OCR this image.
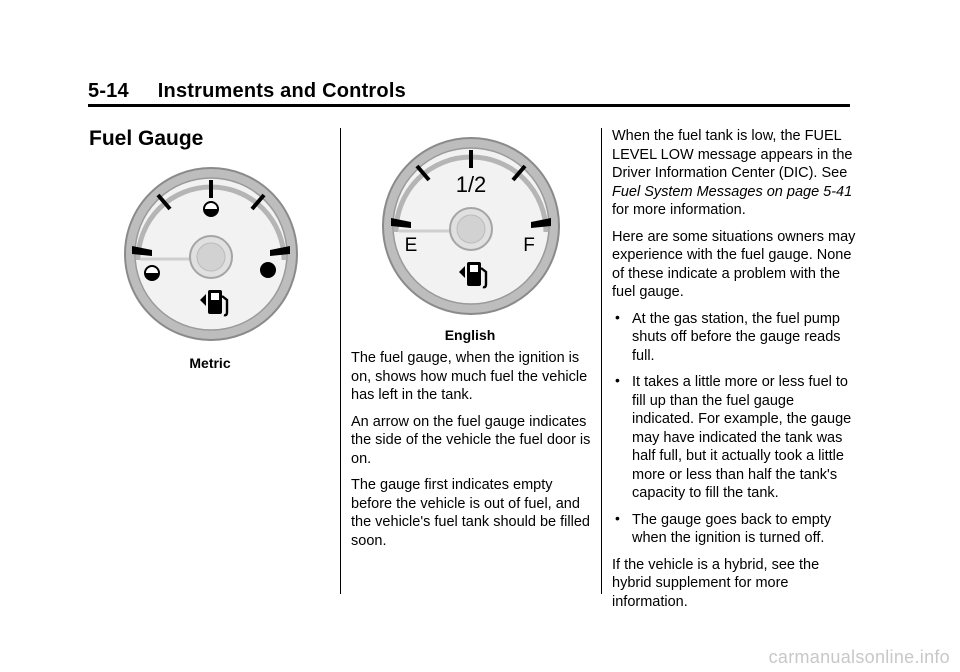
5-14 Instruments and Controls
Fuel Gauge
Metric
1/2
E	F
English

The fuel gauge, when the ignition is on, shows how much fuel the vehicle has left in the tank.

An arrow on the fuel gauge indicates the side of the vehicle the fuel door is on.

The gauge first indicates empty before the vehicle is out of fuel, and the vehicle's fuel tank should be filled soon.

When the fuel tank is low, the FUEL LEVEL LOW message appears in the Driver Information Center (DIC). See Fuel System Messages on page 5-41 for more information.

Here are some situations owners may experience with the fuel gauge. None of these indicate a problem with the fuel gauge.

• At the gas station, the fuel pump shuts off before the gauge reads full.
• It takes a little more or less fuel to fill up than the fuel gauge indicated. For example, the gauge may have indicated the tank was half full, but it actually took a little more or less than half the tank's capacity to fill the tank.
• The gauge goes back to empty when the ignition is turned off.

If the vehicle is a hybrid, see the hybrid supplement for more information.

carmanualsonline.info
